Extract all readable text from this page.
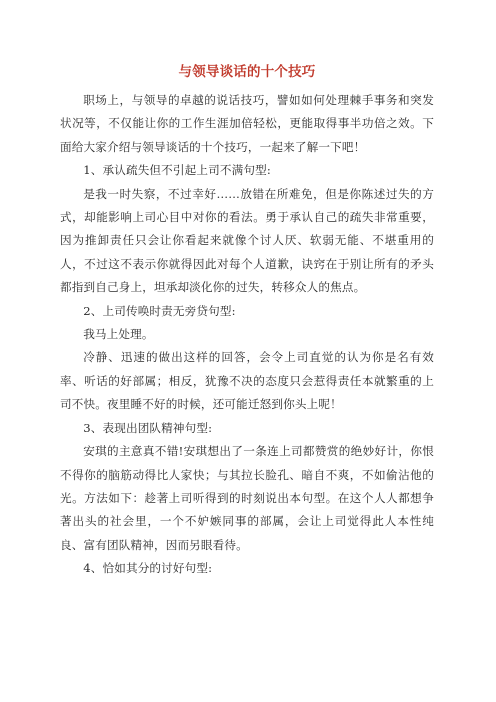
与领导谈话的十个技巧

职场上，与领导的卓越的说话技巧，譬如如何处理棘手事务和突发状况等，不仅能让你的工作生涯加倍轻松，更能取得事半功倍之效。下面给大家介绍与领导谈话的十个技巧，一起来了解一下吧！

1、承认疏失但不引起上司不满句型:

是我一时失察，不过幸好……放错在所难免，但是你陈述过失的方式，却能影响上司心目中对你的看法。勇于承认自己的疏失非常重要，因为推卸责任只会让你看起来就像个讨人厌、软弱无能、不堪重用的人，不过这不表示你就得因此对每个人道歉，诀窍在于别让所有的矛头都指到自己身上，坦承却淡化你的过失，转移众人的焦点。

2、上司传唤时责无旁贷句型:

我马上处理。

冷静、迅速的做出这样的回答，会令上司直觉的认为你是名有效率、听话的好部属；相反，犹豫不决的态度只会惹得责任本就繁重的上司不快。夜里睡不好的时候，还可能迁怒到你头上呢！

3、表现出团队精神句型:

安琪的主意真不错!安琪想出了一条连上司都赞赏的绝妙好计，你恨不得你的脑筋动得比人家快；与其拉长脸孔、暗自不爽，不如偷沾他的光。方法如下：趁著上司听得到的时刻说出本句型。在这个人人都想争著出头的社会里，一个不妒嫉同事的部属，会让上司觉得此人本性纯良、富有团队精神，因而另眼看待。

4、恰如其分的讨好句型:
